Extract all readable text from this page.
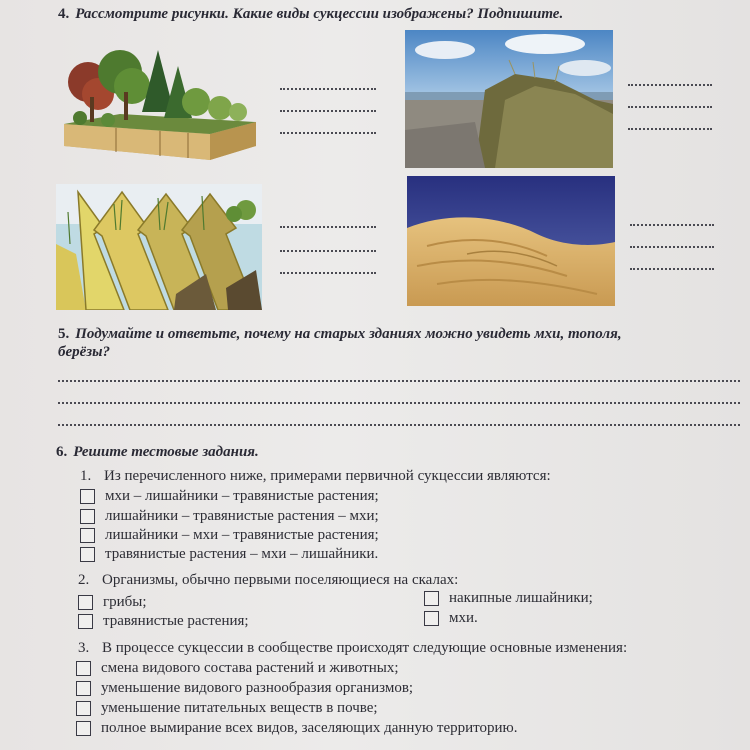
4. Рассмотрите рисунки. Какие виды сукцессии изображены? Подпишите.
5. Подумайте и ответьте, почему на старых зданиях можно увидеть мхи, тополя,
берёзы?
6. Решите тестовые задания.
1. Из перечисленного ниже, примерами первичной сукцессии являются:
мхи – лишайники – травянистые растения;
лишайники – травянистые растения – мхи;
лишайники – мхи – травянистые растения;
травянистые растения – мхи – лишайники.
2. Организмы, обычно первыми поселяющиеся на скалах:
грибы;
травянистые растения;
накипные лишайники;
мхи.
3. В процессе сукцессии в сообществе происходят следующие основные изменения:
смена видового состава растений и животных;
уменьшение видового разнообразия организмов;
уменьшение питательных веществ в почве;
полное вымирание всех видов, заселяющих данную территорию.
